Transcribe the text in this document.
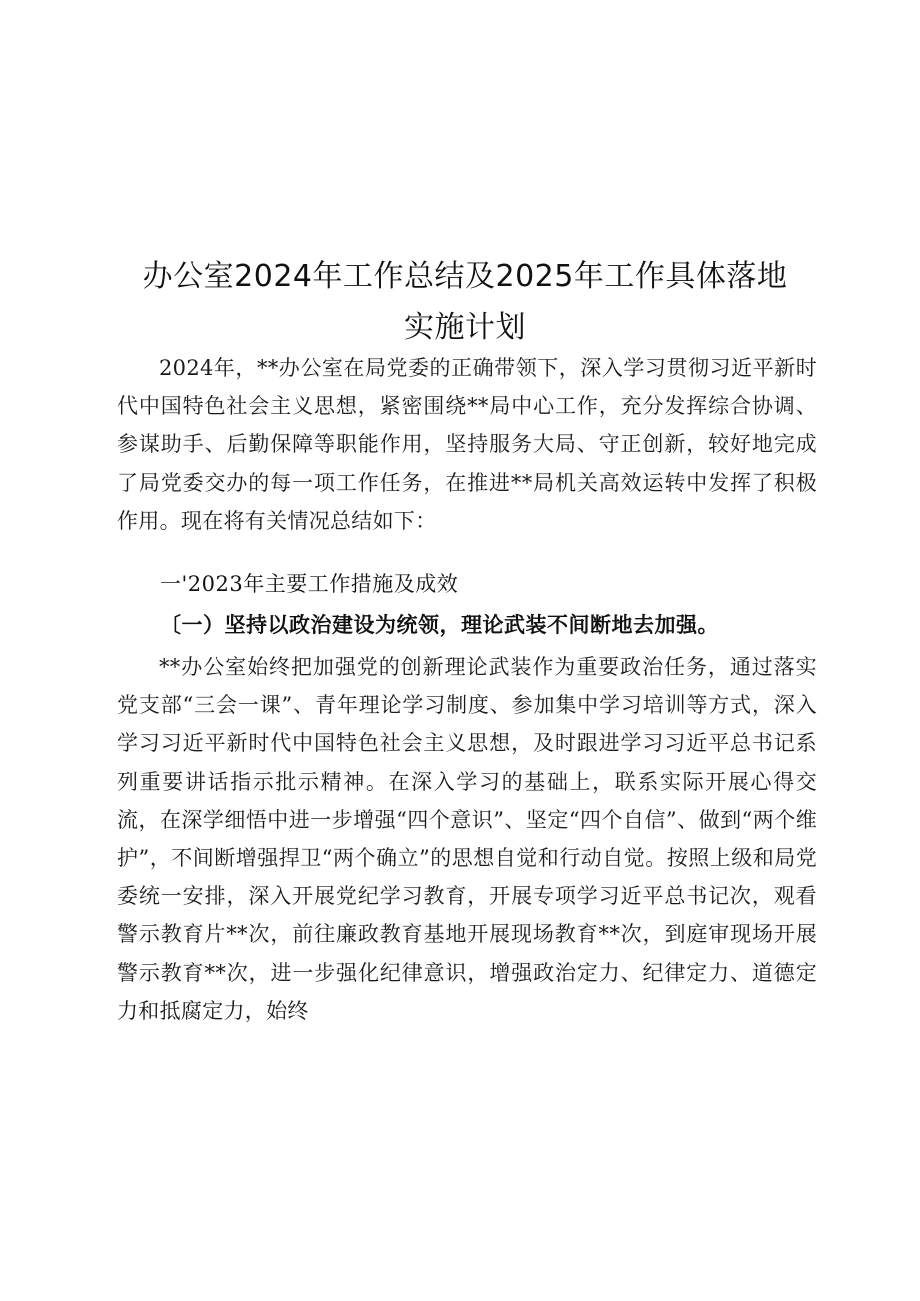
办公室2024年工作总结及2025年工作具体落地
实施计划
2024年，**办公室在局党委的正确带领下，深入学习贯彻习近平新时代中国特色社会主义思想，紧密围绕**局中心工作，充分发挥综合协调、参谋助手、后勤保障等职能作用，坚持服务大局、守正创新，较好地完成了局党委交办的每一项工作任务，在推进**局机关高效运转中发挥了积极作用。现在将有关情况总结如下：
一'2023年主要工作措施及成效
〔一）坚持以政治建设为统领，理论武装不间断地去加强。
**办公室始终把加强党的创新理论武装作为重要政治任务，通过落实党支部“三会一课”、青年理论学习制度、参加集中学习培训等方式，深入学习习近平新时代中国特色社会主义思想，及时跟进学习习近平总书记系列重要讲话指示批示精神。在深入学习的基础上，联系实际开展心得交流，在深学细悟中进一步增强“四个意识”、坚定“四个自信”、做到“两个维护”，不间断增强捍卫“两个确立”的思想自觉和行动自觉。按照上级和局党委统一安排，深入开展党纪学习教育，开展专项学习近平总书记次，观看警示教育片**次，前往廉政教育基地开展现场教育**次，到庭审现场开展警示教育**次，进一步强化纪律意识，增强政治定力、纪律定力、道德定力和抵腐定力，始终
